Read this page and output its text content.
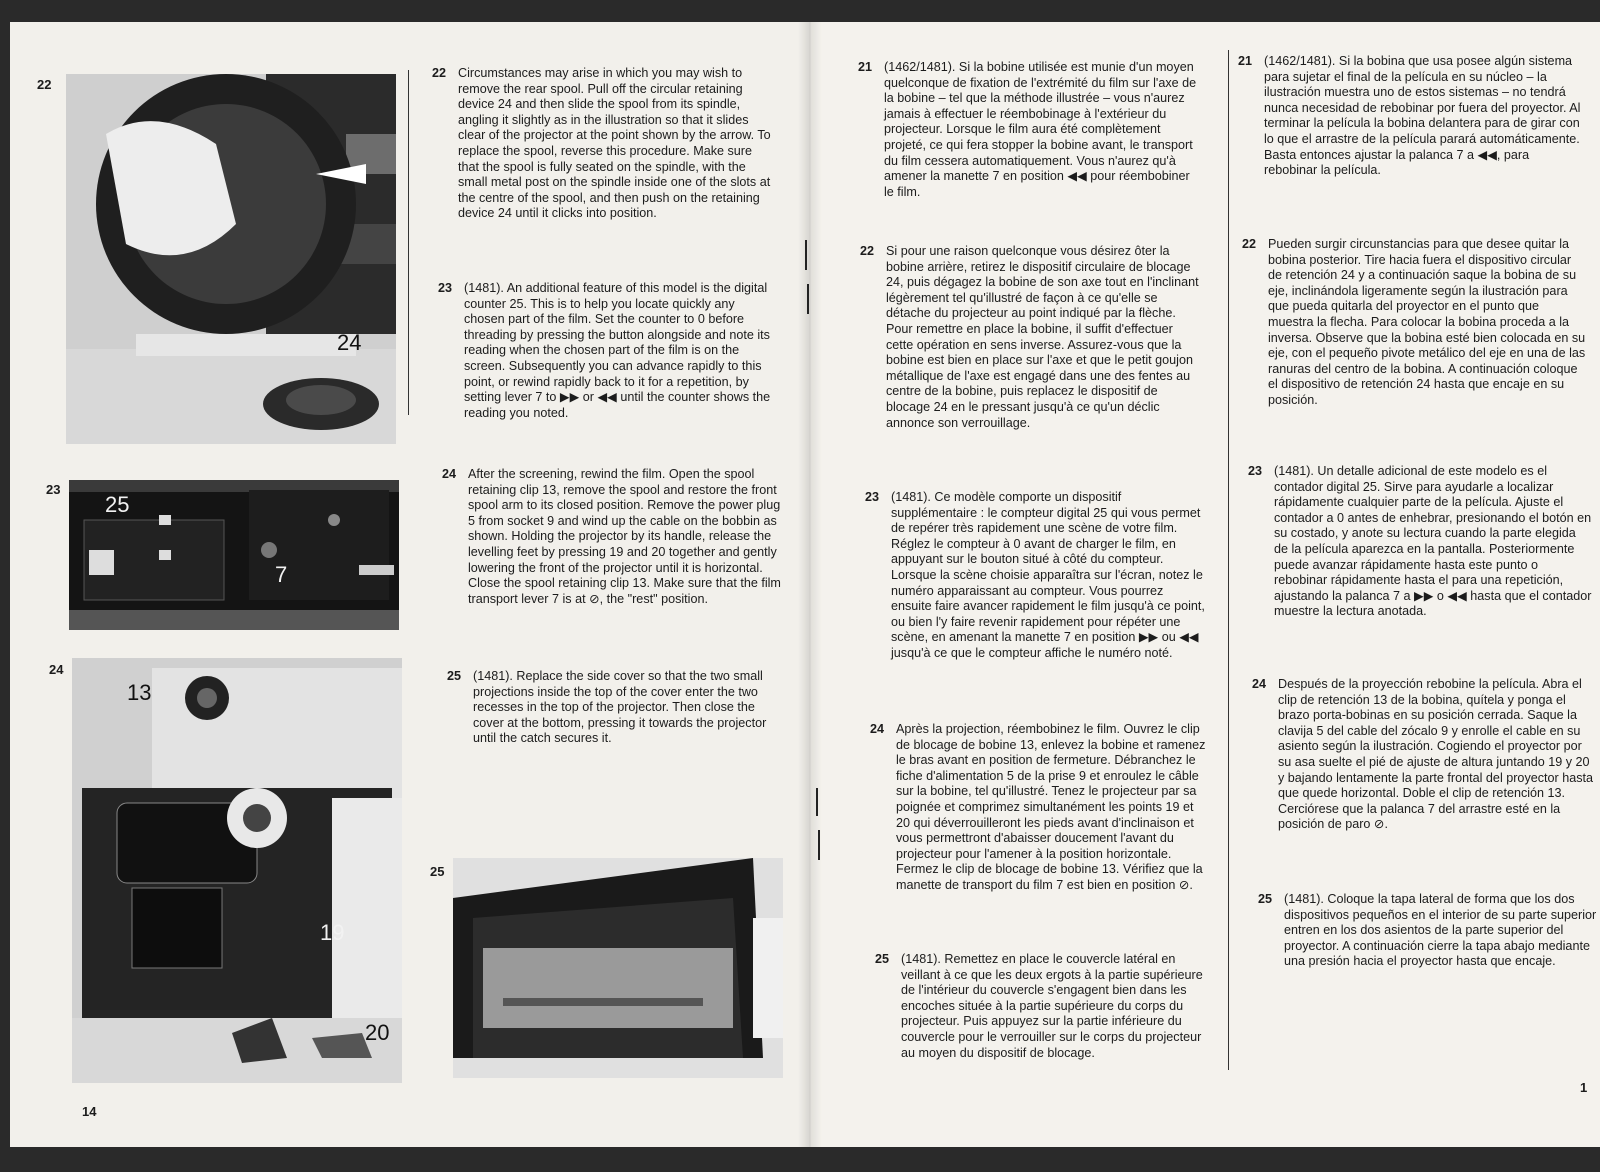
22
24
23
25
7
24
13
19
20
25
22 Circumstances may arise in which you may wish to remove the rear spool. Pull off the circular retaining device 24 and then slide the spool from its spindle, angling it slightly as in the illustration so that it slides clear of the projector at the point shown by the arrow. To replace the spool, reverse this procedure. Make sure that the spool is fully seated on the spindle, with the small metal post on the spindle inside one of the slots at the centre of the spool, and then push on the retaining device 24 until it clicks into position.
23 (1481). An additional feature of this model is the digital counter 25. This is to help you locate quickly any chosen part of the film. Set the counter to 0 before threading by pressing the button alongside and note its reading when the chosen part of the film is on the screen. Subsequently you can advance rapidly to this point, or rewind rapidly back to it for a repetition, by setting lever 7 to ▶▶ or ◀◀ until the counter shows the reading you noted.
24 After the screening, rewind the film. Open the spool retaining clip 13, remove the spool and restore the front spool arm to its closed position. Remove the power plug 5 from socket 9 and wind up the cable on the bobbin as shown. Holding the projector by its handle, release the levelling feet by pressing 19 and 20 together and gently lowering the front of the projector until it is horizontal. Close the spool retaining clip 13. Make sure that the film transport lever 7 is at ⊘, the "rest" position.
25 (1481). Replace the side cover so that the two small projections inside the top of the cover enter the two recesses in the top of the projector. Then close the cover at the bottom, pressing it towards the projector until the catch secures it.
14
21 (1462/1481). Si la bobine utilisée est munie d'un moyen quelconque de fixation de l'extrémité du film sur l'axe de la bobine – tel que la méthode illustrée – vous n'aurez jamais à effectuer le réembobinage à l'extérieur du projecteur. Lorsque le film aura été complètement projeté, ce qui fera stopper la bobine avant, le transport du film cessera automatiquement. Vous n'aurez qu'à amener la manette 7 en position ◀◀ pour réembobiner le film.
22 Si pour une raison quelconque vous désirez ôter la bobine arrière, retirez le dispositif circulaire de blocage 24, puis dégagez la bobine de son axe tout en l'inclinant légèrement tel qu'illustré de façon à ce qu'elle se détache du projecteur au point indiqué par la flèche. Pour remettre en place la bobine, il suffit d'effectuer cette opération en sens inverse. Assurez-vous que la bobine est bien en place sur l'axe et que le petit goujon métallique de l'axe est engagé dans une des fentes au centre de la bobine, puis replacez le dispositif de blocage 24 en le pressant jusqu'à ce qu'un déclic annonce son verrouillage.
23 (1481). Ce modèle comporte un dispositif supplémentaire : le compteur digital 25 qui vous permet de repérer très rapidement une scène de votre film. Réglez le compteur à 0 avant de charger le film, en appuyant sur le bouton situé à côté du compteur. Lorsque la scène choisie apparaîtra sur l'écran, notez le numéro apparaissant au compteur. Vous pourrez ensuite faire avancer rapidement le film jusqu'à ce point, ou bien l'y faire revenir rapidement pour répéter une scène, en amenant la manette 7 en position ▶▶ ou ◀◀ jusqu'à ce que le compteur affiche le numéro noté.
24 Après la projection, réembobinez le film. Ouvrez le clip de blocage de bobine 13, enlevez la bobine et ramenez le bras avant en position de fermeture. Débranchez le fiche d'alimentation 5 de la prise 9 et enroulez le câble sur la bobine, tel qu'illustré. Tenez le projecteur par sa poignée et comprimez simultanément les points 19 et 20 qui déverrouilleront les pieds avant d'inclinaison et vous permettront d'abaisser doucement l'avant du projecteur pour l'amener à la position horizontale. Fermez le clip de blocage de bobine 13. Vérifiez que la manette de transport du film 7 est bien en position ⊘.
25 (1481). Remettez en place le couvercle latéral en veillant à ce que les deux ergots à la partie supérieure de l'intérieur du couvercle s'engagent bien dans les encoches située à la partie supérieure du corps du projecteur. Puis appuyez sur la partie inférieure du couvercle pour le verrouiller sur le corps du projecteur au moyen du dispositif de blocage.
21 (1462/1481). Si la bobina que usa posee algún sistema para sujetar el final de la película en su núcleo – la ilustración muestra uno de estos sistemas – no tendrá nunca necesidad de rebobinar por fuera del proyector. Al terminar la película la bobina delantera para de girar con lo que el arrastre de la película parará automáticamente. Basta entonces ajustar la palanca 7 a ◀◀, para rebobinar la película.
22 Pueden surgir circunstancias para que desee quitar la bobina posterior. Tire hacia fuera el dispositivo circular de retención 24 y a continuación saque la bobina de su eje, inclinándola ligeramente según la ilustración para que pueda quitarla del proyector en el punto que muestra la flecha. Para colocar la bobina proceda a la inversa. Observe que la bobina esté bien colocada en su eje, con el pequeño pivote metálico del eje en una de las ranuras del centro de la bobina. A continuación coloque el dispositivo de retención 24 hasta que encaje en su posición.
23 (1481). Un detalle adicional de este modelo es el contador digital 25. Sirve para ayudarle a localizar rápidamente cualquier parte de la película. Ajuste el contador a 0 antes de enhebrar, presionando el botón en su costado, y anote su lectura cuando la parte elegida de la película aparezca en la pantalla. Posteriormente puede avanzar rápidamente hasta este punto o rebobinar rápidamente hasta el para una repetición, ajustando la palanca 7 a ▶▶ o ◀◀ hasta que el contador muestre la lectura anotada.
24 Después de la proyección rebobine la película. Abra el clip de retención 13 de la bobina, quítela y ponga el brazo porta-bobinas en su posición cerrada. Saque la clavija 5 del cable del zócalo 9 y enrolle el cable en su asiento según la ilustración. Cogiendo el proyector por su asa suelte el pié de ajuste de altura juntando 19 y 20 y bajando lentamente la parte frontal del proyector hasta que quede horizontal. Doble el clip de retención 13. Cerciórese que la palanca 7 del arrastre esté en la posición de paro ⊘.
25 (1481). Coloque la tapa lateral de forma que los dos dispositivos pequeños en el interior de su parte superior entren en los dos asientos de la parte superior del proyector. A continuación cierre la tapa abajo mediante una presión hacia el proyector hasta que encaje.
1
